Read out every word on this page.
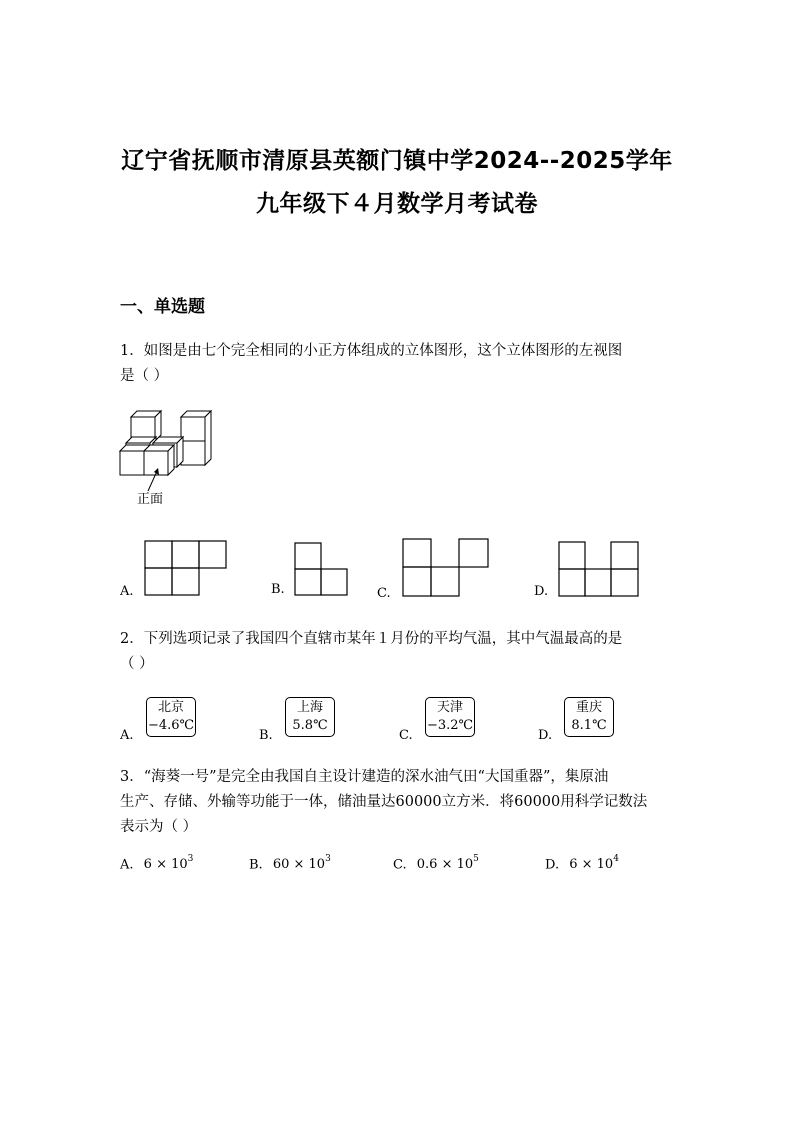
辽宁省抚顺市清原县英额门镇中学2024--2025学年
九年级下４月数学月考试卷
一、单选题
1．如图是由七个完全相同的小正方体组成的立体图形，这个立体图形的左视图
是（ ）
正面
A.	B.	C.	D.
2．下列选项记录了我国四个直辖市某年１月份的平均气温，其中气温最高的是
（ ）
A.
北京
−4.6℃
B.
上海
5.8℃
C.
天津
−3.2℃
D.
重庆
8.1℃
3．“海葵一号”是完全由我国自主设计建造的深水油气田“大国重器”，集原油
生产、存储、外输等功能于一体，储油量达60000立方米．将60000用科学记数法
表示为（ ）
A. $6 \times 10^3$	B. $60 \times 10^3$	C. $0.6 \times 10^5$	D. $6 \times 10^4$
